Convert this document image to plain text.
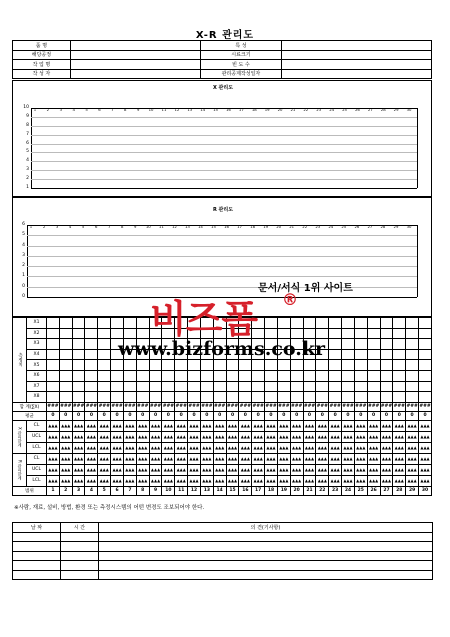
X-R 관리도
품 명		특 성	
해당공정		시료크기	
작 업 명		빈 도 수	
작 성 자		관리공제작성일자	
X 관리도
10
9
8
7
6
5
4
3
2
1
1	2	3	4	5	6	7	8	9	10	11	12	13	14	15	16	17	18	19	20	21	22	23	24	25	26	27	28	29	30
R 관리도
6
5
4
3
2
1
0
0
1	2	3	4	5	6	7	8	9	10	11	12	13	14	15	16	17	18	19	20	21	22	23	24	25	26	27	28	29	30
측정치	X1																														
	X2																														
	X3																														
	X4																														
	X5																														
	X6																														
	X7																														
	X8																														
합 계(∑X)		###	###	###	###	###	###	###	###	###	###	###	###	###	###	###	###	###	###	###	###	###	###	###	###	###	###	###	###	###	###
평균		0	0	0	0	0	0	0	0	0	0	0	0	0	0	0	0	0	0	0	0	0	0	0	0	0	0	0	0	0	0
X 관리한계	CL	▲▲▲	▲▲▲	▲▲▲	▲▲▲	▲▲▲	▲▲▲	▲▲▲	▲▲▲	▲▲▲	▲▲▲	▲▲▲	▲▲▲	▲▲▲	▲▲▲	▲▲▲	▲▲▲	▲▲▲	▲▲▲	▲▲▲	▲▲▲	▲▲▲	▲▲▲	▲▲▲	▲▲▲	▲▲▲	▲▲▲	▲▲▲	▲▲▲	▲▲▲	▲▲▲
	UCL	▲▲▲	▲▲▲	▲▲▲	▲▲▲	▲▲▲	▲▲▲	▲▲▲	▲▲▲	▲▲▲	▲▲▲	▲▲▲	▲▲▲	▲▲▲	▲▲▲	▲▲▲	▲▲▲	▲▲▲	▲▲▲	▲▲▲	▲▲▲	▲▲▲	▲▲▲	▲▲▲	▲▲▲	▲▲▲	▲▲▲	▲▲▲	▲▲▲	▲▲▲	▲▲▲
	LCL	▲▲▲	▲▲▲	▲▲▲	▲▲▲	▲▲▲	▲▲▲	▲▲▲	▲▲▲	▲▲▲	▲▲▲	▲▲▲	▲▲▲	▲▲▲	▲▲▲	▲▲▲	▲▲▲	▲▲▲	▲▲▲	▲▲▲	▲▲▲	▲▲▲	▲▲▲	▲▲▲	▲▲▲	▲▲▲	▲▲▲	▲▲▲	▲▲▲	▲▲▲	▲▲▲
R 관리한계	CL	▲▲▲	▲▲▲	▲▲▲	▲▲▲	▲▲▲	▲▲▲	▲▲▲	▲▲▲	▲▲▲	▲▲▲	▲▲▲	▲▲▲	▲▲▲	▲▲▲	▲▲▲	▲▲▲	▲▲▲	▲▲▲	▲▲▲	▲▲▲	▲▲▲	▲▲▲	▲▲▲	▲▲▲	▲▲▲	▲▲▲	▲▲▲	▲▲▲	▲▲▲	▲▲▲
	UCL	▲▲▲	▲▲▲	▲▲▲	▲▲▲	▲▲▲	▲▲▲	▲▲▲	▲▲▲	▲▲▲	▲▲▲	▲▲▲	▲▲▲	▲▲▲	▲▲▲	▲▲▲	▲▲▲	▲▲▲	▲▲▲	▲▲▲	▲▲▲	▲▲▲	▲▲▲	▲▲▲	▲▲▲	▲▲▲	▲▲▲	▲▲▲	▲▲▲	▲▲▲	▲▲▲
	LCL	▲▲▲	▲▲▲	▲▲▲	▲▲▲	▲▲▲	▲▲▲	▲▲▲	▲▲▲	▲▲▲	▲▲▲	▲▲▲	▲▲▲	▲▲▲	▲▲▲	▲▲▲	▲▲▲	▲▲▲	▲▲▲	▲▲▲	▲▲▲	▲▲▲	▲▲▲	▲▲▲	▲▲▲	▲▲▲	▲▲▲	▲▲▲	▲▲▲	▲▲▲	▲▲▲
범위		1	2	3	4	5	6	7	8	9	10	11	12	13	14	15	16	17	18	19	20	21	22	23	24	25	26	27	28	29	30
※사람, 재료, 설비, 방법, 환경 또는 측정시스템의 어떤 변경도 조보되어야 한다.
날 짜	시 간	의 견(기사항)

문서/서식 1위 사이트
비즈폼 ®
www.bizforms.co.kr
